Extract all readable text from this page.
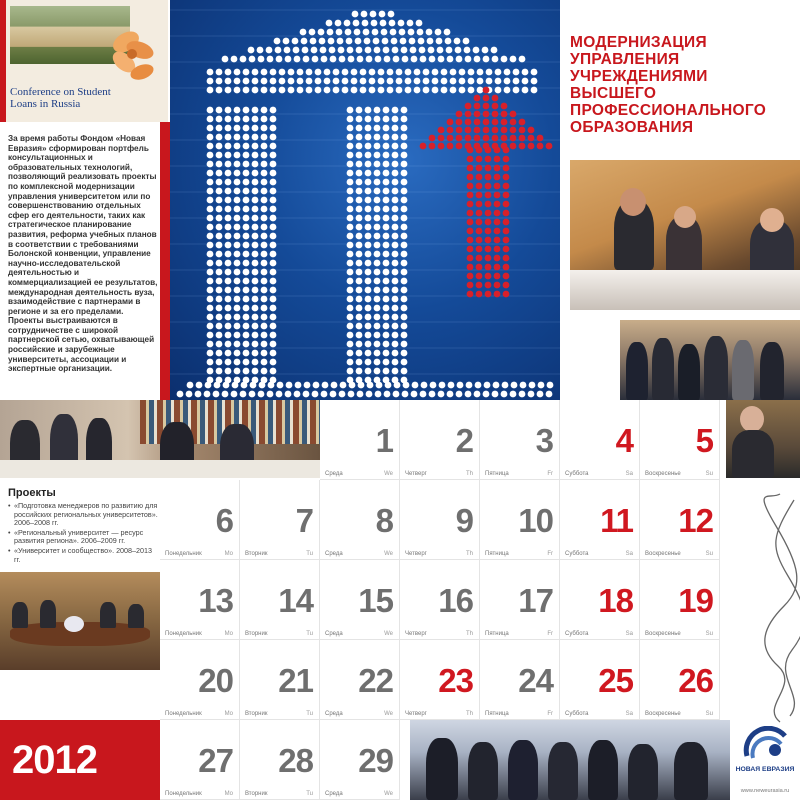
Conference on Student Loans in Russia
За время работы Фондом «Новая Евразия» сформирован портфель консультационных и образовательных технологий, позволяющий реализовать проекты по комплексной модернизации управления университетом или по совершенствованию отдельных сфер его деятельности, таких как стратегическое планирование развития, реформа учебных планов в соответствии с требованиями Болонской конвенции, управление научно-исследовательской деятельностью и коммерциализацией ее результатов, международная деятельность вуза, взаимодействие с партнерами в регионе и за его пределами. Проекты выстраиваются в сотрудничестве с широкой партнерской сетью, охватывающей российские и зарубежные университеты, ассоциации и экспертные организации.
МОДЕРНИЗАЦИЯ УПРАВЛЕНИЯ УЧРЕЖДЕНИЯМИ ВЫСШЕГО ПРОФЕССИОНАЛЬНОГО ОБРАЗОВАНИЯ
Проекты
• «Подготовка менеджеров по развитию для российских региональных университетов». 2006–2008 гг.
• «Региональный университет — ресурс развития региона». 2006–2009 гг.
• «Университет и сообщество». 2008–2013 гг.
1
Среда	We
2
Четверг	Th
3
Пятница	Fr
4
Суббота	Sa
5
Воскресенье	Su
6
Понедельник	Mo
7
Вторник	Tu
8
Среда	We
9
Четверг	Th
10
Пятница	Fr
11
Суббота	Sa
12
Воскресенье	Su
13
Понедельник	Mo
14
Вторник	Tu
15
Среда	We
16
Четверг	Th
17
Пятница	Fr
18
Суббота	Sa
19
Воскресенье	Su
20
Понедельник	Mo
21
Вторник	Tu
22
Среда	We
23
Четверг	Th
24
Пятница	Fr
25
Суббота	Sa
26
Воскресенье	Su
27
Понедельник	Mo
28
Вторник	Tu
29
Среда	We
2012	НОВАЯ ЕВРАЗИЯ
www.neweurasia.ru
